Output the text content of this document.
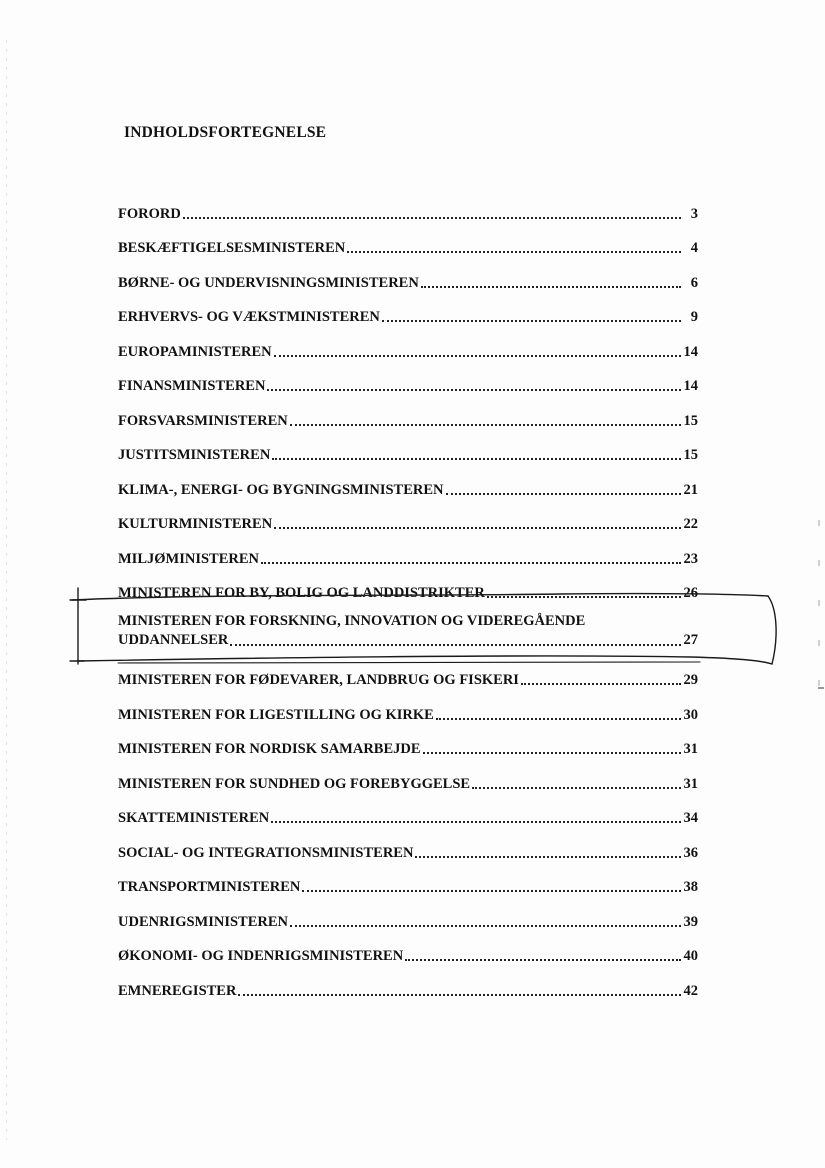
INDHOLDSFORTEGNELSE
FORORD	3
BESKÆFTIGELSESMINISTEREN	4
BØRNE- OG UNDERVISNINGSMINISTEREN	6
ERHVERVS- OG VÆKSTMINISTEREN	9
EUROPAMINISTEREN	14
FINANSMINISTEREN	14
FORSVARSMINISTEREN	15
JUSTITSMINISTEREN	15
KLIMA-, ENERGI- OG BYGNINGSMINISTEREN	21
KULTURMINISTEREN	22
MILJØMINISTEREN	23
MINISTEREN FOR BY, BOLIG OG LANDDISTRIKTER	26
MINISTEREN FOR FORSKNING, INNOVATION OG VIDEREGÅENDE
UDDANNELSER	27
MINISTEREN FOR FØDEVARER, LANDBRUG OG FISKERI	29
MINISTEREN FOR LIGESTILLING OG KIRKE	30
MINISTEREN FOR NORDISK SAMARBEJDE	31
MINISTEREN FOR SUNDHED OG FOREBYGGELSE	31
SKATTEMINISTEREN	34
SOCIAL- OG INTEGRATIONSMINISTEREN	36
TRANSPORTMINISTEREN	38
UDENRIGSMINISTEREN	39
ØKONOMI- OG INDENRIGSMINISTEREN	40
EMNEREGISTER	42
